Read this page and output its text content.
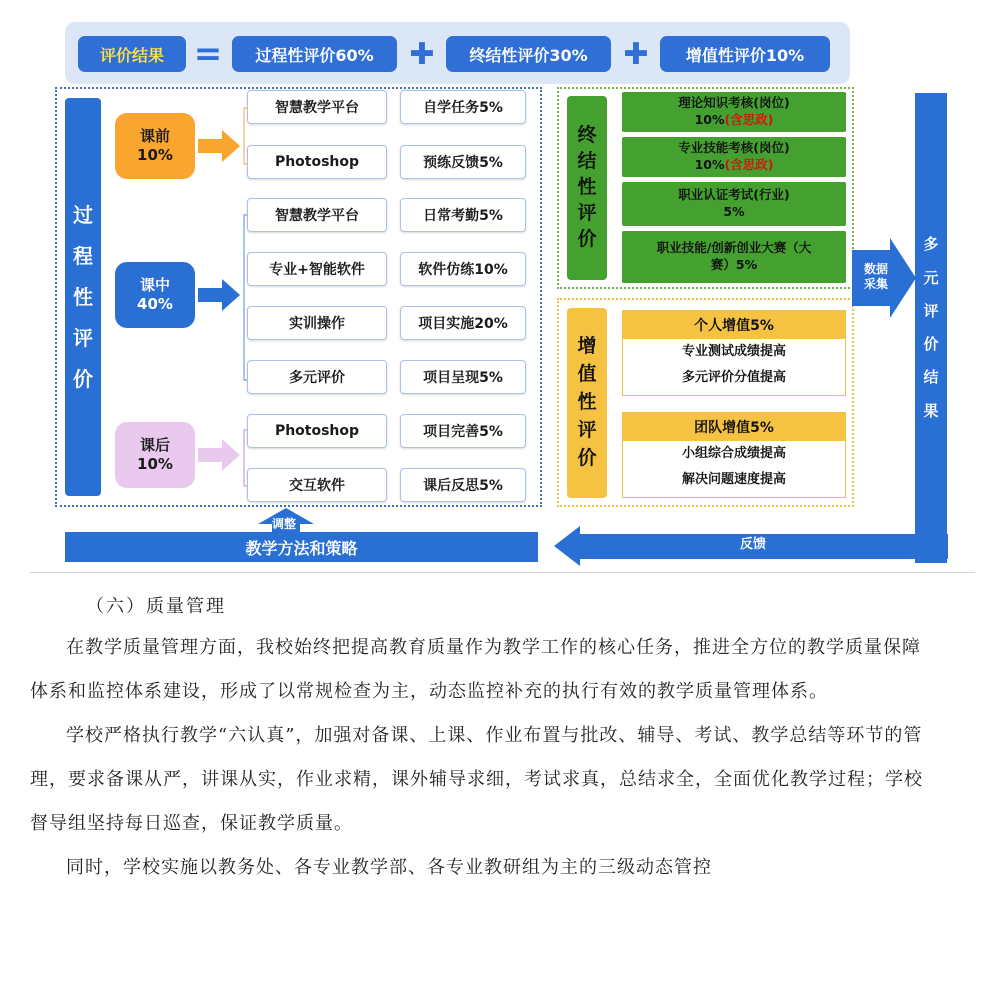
评价结果 =	过程性评价60%	✚	终结性评价30%	✚	增值性评价10%
过
程
性
评
价
课前
10%
课中
40%
课后
10%
智慧教学平台	自学任务5%
Photoshop	预练反馈5%
智慧教学平台	日常考勤5%
专业+智能软件	软件仿练10%
实训操作	项目实施20%
多元评价	项目呈现5%
Photoshop	项目完善5%
交互软件	课后反思5%
终
结
性
评
价
理论知识考核(岗位)
10%(含思政)
专业技能考核(岗位)
10%(含思政)
职业认证考试(行业)
5%
职业技能/创新创业大赛（大
赛）5%
增
值
性
评
价
个人增值5%
专业测试成绩提高
多元评价分值提高
团队增值5%
小组综合成绩提高
解决问题速度提高
数据
采集
多
元
评
价
结
果
反馈
调整
教学方法和策略
（六）质量管理

在教学质量管理方面，我校始终把提高教育质量作为教学工作的核心任务，推进全方位的教学质量保障体系和监控体系建设，形成了以常规检查为主，动态监控补充的执行有效的教学质量管理体系。

学校严格执行教学“六认真”，加强对备课、上课、作业布置与批改、辅导、考试、教学总结等环节的管理，要求备课从严，讲课从实，作业求精，课外辅导求细，考试求真，总结求全，全面优化教学过程；学校督导组坚持每日巡查，保证教学质量。

同时，学校实施以教务处、各专业教学部、各专业教研组为主的三级动态管控
